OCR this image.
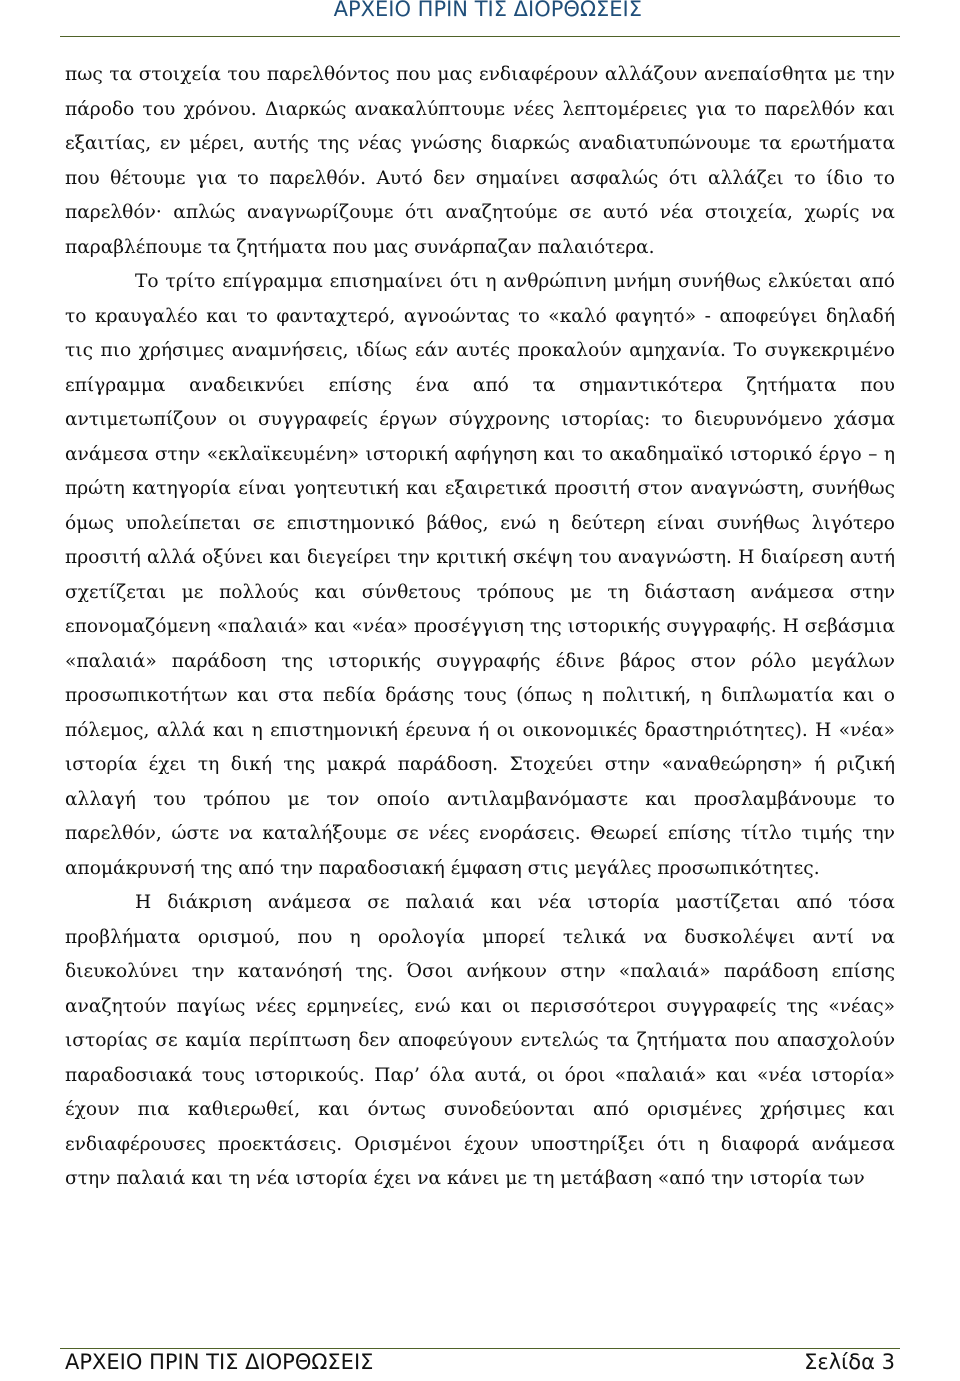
ΑΡΧΕΙΟ ΠΡΙΝ ΤΙΣ ΔΙΟΡΘΩΣΕΙΣ

πως τα στοιχεία του παρελθόντος που μας ενδιαφέρουν αλλάζουν ανεπαίσθητα με την πάροδο του χρόνου. Διαρκώς ανακαλύπτουμε νέες λεπτομέρειες για το παρελθόν και εξαιτίας, εν μέρει, αυτής της νέας γνώσης διαρκώς αναδιατυπώνουμε τα ερωτήματα που θέτουμε για το παρελθόν. Αυτό δεν σημαίνει ασφαλώς ότι αλλάζει το ίδιο το παρελθόν· απλώς αναγνωρίζουμε ότι αναζητούμε σε αυτό νέα στοιχεία, χωρίς να παραβλέπουμε τα ζητήματα που μας συνάρπαζαν παλαιότερα.

Το τρίτο επίγραμμα επισημαίνει ότι η ανθρώπινη μνήμη συνήθως ελκύεται από το κραυγαλέο και το φανταχτερό, αγνοώντας το «καλό φαγητό» - αποφεύγει δηλαδή τις πιο χρήσιμες αναμνήσεις, ιδίως εάν αυτές προκαλούν αμηχανία. Το συγκεκριμένο επίγραμμα αναδεικνύει επίσης ένα από τα σημαντικότερα ζητήματα που αντιμετωπίζουν οι συγγραφείς έργων σύγχρονης ιστορίας: το διευρυνόμενο χάσμα ανάμεσα στην «εκλαϊκευμένη» ιστορική αφήγηση και το ακαδημαϊκό ιστορικό έργο – η πρώτη κατηγορία είναι γοητευτική και εξαιρετικά προσιτή στον αναγνώστη, συνήθως όμως υπολείπεται σε επιστημονικό βάθος, ενώ η δεύτερη είναι συνήθως λιγότερο προσιτή αλλά οξύνει και διεγείρει την κριτική σκέψη του αναγνώστη. Η διαίρεση αυτή σχετίζεται με πολλούς και σύνθετους τρόπους με τη διάσταση ανάμεσα στην επονομαζόμενη «παλαιά» και «νέα» προσέγγιση της ιστορικής συγγραφής. Η σεβάσμια «παλαιά» παράδοση της ιστορικής συγγραφής έδινε βάρος στον ρόλο μεγάλων προσωπικοτήτων και στα πεδία δράσης τους (όπως η πολιτική, η διπλωματία και ο πόλεμος, αλλά και η επιστημονική έρευνα ή οι οικονομικές δραστηριότητες). Η «νέα» ιστορία έχει τη δική της μακρά παράδοση. Στοχεύει στην «αναθεώρηση» ή ριζική αλλαγή του τρόπου με τον οποίο αντιλαμβανόμαστε και προσλαμβάνουμε το παρελθόν, ώστε να καταλήξουμε σε νέες ενοράσεις. Θεωρεί επίσης τίτλο τιμής την απομάκρυνσή της από την παραδοσιακή έμφαση στις μεγάλες προσωπικότητες.

Η διάκριση ανάμεσα σε παλαιά και νέα ιστορία μαστίζεται από τόσα προβλήματα ορισμού, που η ορολογία μπορεί τελικά να δυσκολέψει αντί να διευκολύνει την κατανόησή της. Όσοι ανήκουν στην «παλαιά» παράδοση επίσης αναζητούν παγίως νέες ερμηνείες, ενώ και οι περισσότεροι συγγραφείς της «νέας» ιστορίας σε καμία περίπτωση δεν αποφεύγουν εντελώς τα ζητήματα που απασχολούν παραδοσιακά τους ιστορικούς. Παρ’ όλα αυτά, οι όροι «παλαιά» και «νέα ιστορία» έχουν πια καθιερωθεί, και όντως συνοδεύονται από ορισμένες χρήσιμες και ενδιαφέρουσες προεκτάσεις. Ορισμένοι έχουν υποστηρίξει ότι η διαφορά ανάμεσα στην παλαιά και τη νέα ιστορία έχει να κάνει με τη μετάβαση «από την ιστορία των

ΑΡΧΕΙΟ ΠΡΙΝ ΤΙΣ ΔΙΟΡΘΩΣΕΙΣ	Σελίδα 3
